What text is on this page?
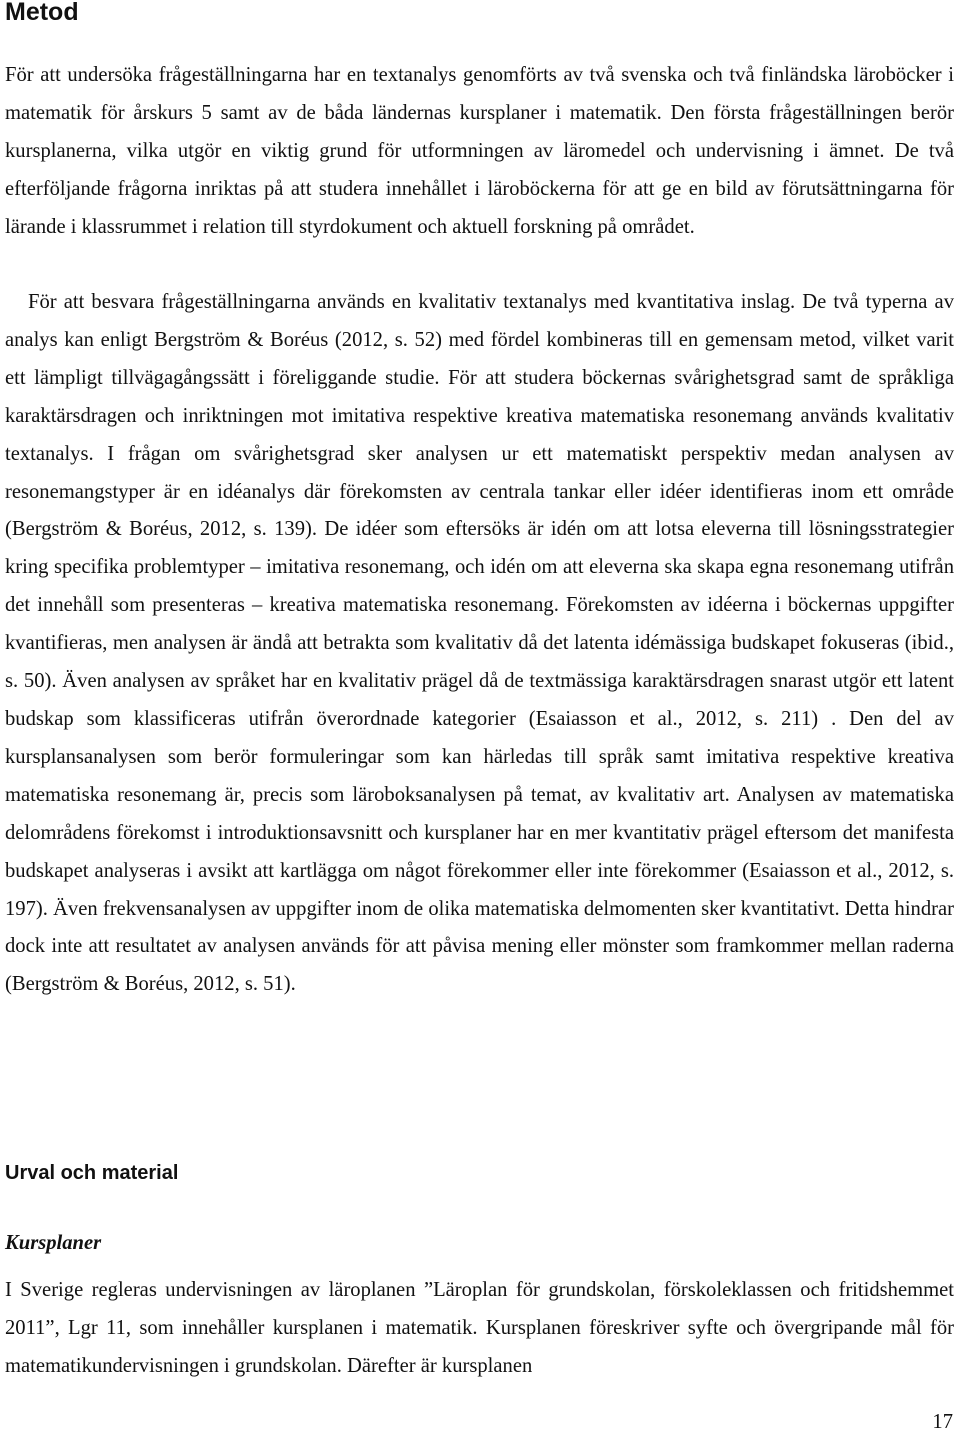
Metod

För att undersöka frågeställningarna har en textanalys genomförts av två svenska och två finländska läroböcker i matematik för årskurs 5 samt av de båda ländernas kursplaner i matematik. Den första frågeställningen berör kursplanerna, vilka utgör en viktig grund för utformningen av läromedel och undervisning i ämnet. De två efterföljande frågorna inriktas på att studera innehållet i läroböckerna för att ge en bild av förutsättningarna för lärande i klassrummet i relation till styrdokument och aktuell forskning på området.

För att besvara frågeställningarna används en kvalitativ textanalys med kvantitativa inslag. De två typerna av analys kan enligt Bergström & Boréus (2012, s. 52) med fördel kombineras till en gemensam metod, vilket varit ett lämpligt tillvägagångssätt i föreliggande studie. För att studera böckernas svårighetsgrad samt de språkliga karaktärsdragen och inriktningen mot imitativa respektive kreativa matematiska resonemang används kvalitativ textanalys. I frågan om svårighetsgrad sker analysen ur ett matematiskt perspektiv medan analysen av resonemangstyper är en idéanalys där förekomsten av centrala tankar eller idéer identifieras inom ett område (Bergström & Boréus, 2012, s. 139). De idéer som eftersöks är idén om att lotsa eleverna till lösningsstrategier kring specifika problemtyper – imitativa resonemang, och idén om att eleverna ska skapa egna resonemang utifrån det innehåll som presenteras – kreativa matematiska resonemang. Förekomsten av idéerna i böckernas uppgifter kvantifieras, men analysen är ändå att betrakta som kvalitativ då det latenta idémässiga budskapet fokuseras (ibid., s. 50). Även analysen av språket har en kvalitativ prägel då de textmässiga karaktärsdragen snarast utgör ett latent budskap som klassificeras utifrån överordnade kategorier (Esaiasson et al., 2012, s. 211) . Den del av kursplansanalysen som berör formuleringar som kan härledas till språk samt imitativa respektive kreativa matematiska resonemang är, precis som läroboksanalysen på temat, av kvalitativ art. Analysen av matematiska delområdens förekomst i introduktionsavsnitt och kursplaner har en mer kvantitativ prägel eftersom det manifesta budskapet analyseras i avsikt att kartlägga om något förekommer eller inte förekommer (Esaiasson et al., 2012, s. 197). Även frekvensanalysen av uppgifter inom de olika matematiska delmomenten sker kvantitativt. Detta hindrar dock inte att resultatet av analysen används för att påvisa mening eller mönster som framkommer mellan raderna (Bergström & Boréus, 2012, s. 51).

Urval och material
Kursplaner

I Sverige regleras undervisningen av läroplanen ”Läroplan för grundskolan, förskoleklassen och fritidshemmet 2011”, Lgr 11, som innehåller kursplanen i matematik. Kursplanen föreskriver syfte och övergripande mål för matematikundervisningen i grundskolan. Därefter är kursplanen

17
